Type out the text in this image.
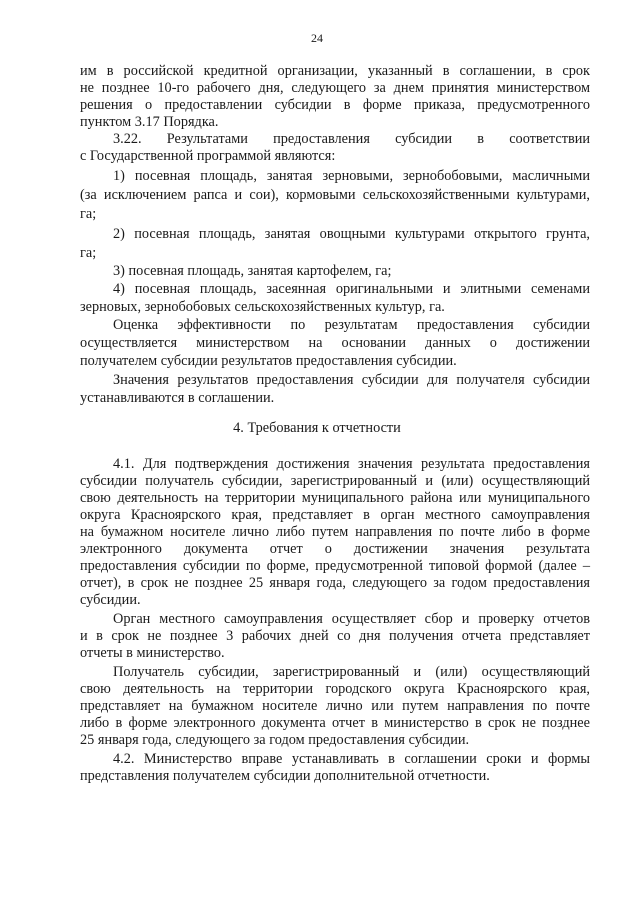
24
им в российской кредитной организации, указанный в соглашении, в срок
не позднее 10-го рабочего дня, следующего за днем принятия министерством
решения о предоставлении субсидии в форме приказа, предусмотренного
пунктом 3.17 Порядка.
3.22. Результатами предоставления субсидии в соответствии
с Государственной программой являются:
1) посевная площадь, занятая зерновыми, зернобобовыми, масличными
(за исключением рапса и сои), кормовыми сельскохозяйственными культурами,
га;
2) посевная площадь, занятая овощными культурами открытого грунта,
га;
3) посевная площадь, занятая картофелем, га;
4) посевная площадь, засеянная оригинальными и элитными семенами
зерновых, зернобобовых сельскохозяйственных культур, га.
Оценка эффективности по результатам предоставления субсидии
осуществляется министерством на основании данных о достижении
получателем субсидии результатов предоставления субсидии.
Значения результатов предоставления субсидии для получателя субсидии
устанавливаются в соглашении.
4. Требования к отчетности
4.1. Для подтверждения достижения значения результата предоставления
субсидии получатель субсидии, зарегистрированный и (или) осуществляющий
свою деятельность на территории муниципального района или муниципального
округа Красноярского края, представляет в орган местного самоуправления
на бумажном носителе лично либо путем направления по почте либо в форме
электронного документа отчет о достижении значения результата
предоставления субсидии по форме, предусмотренной типовой формой (далее –
отчет), в срок не позднее 25 января года, следующего за годом предоставления
субсидии.
Орган местного самоуправления осуществляет сбор и проверку отчетов
и в срок не позднее 3 рабочих дней со дня получения отчета представляет
отчеты в министерство.
Получатель субсидии, зарегистрированный и (или) осуществляющий
свою деятельность на территории городского округа Красноярского края,
представляет на бумажном носителе лично или путем направления по почте
либо в форме электронного документа отчет в министерство в срок не позднее
25 января года, следующего за годом предоставления субсидии.
4.2. Министерство вправе устанавливать в соглашении сроки и формы
представления получателем субсидии дополнительной отчетности.
